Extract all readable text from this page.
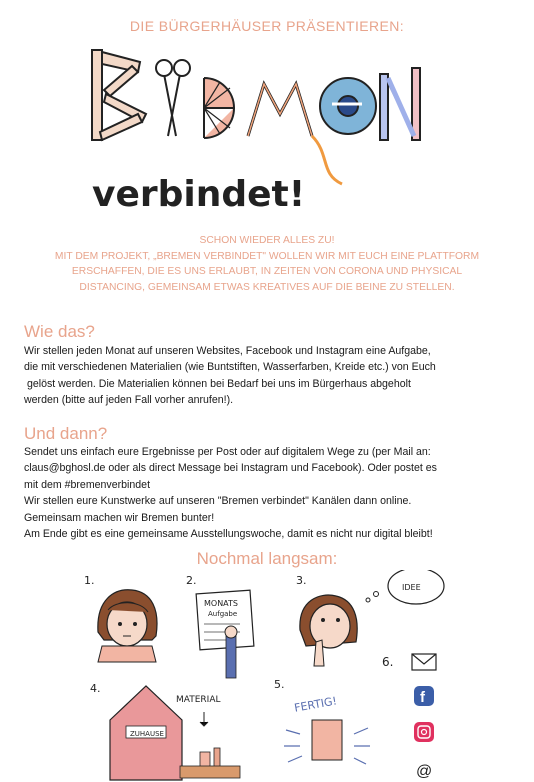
DIE BÜRGERHÄUSER PRÄSENTIEREN:
verbindet!
SCHON WIEDER ALLES ZU!
MIT DEM PROJEKT, „BREMEN VERBINDET" WOLLEN WIR MIT EUCH EINE PLATTFORM
ERSCHAFFEN, DIE ES UNS ERLAUBT, IN ZEITEN VON CORONA UND PHYSICAL
DISTANCING, GEMEINSAM ETWAS KREATIVES AUF DIE BEINE ZU STELLEN.
Wie das?

Wir stellen jeden Monat auf unseren Websites, Facebook und Instagram eine Aufgabe,

die mit verschiedenen Materialien (wie Buntstiften, Wasserfarben, Kreide etc.) von Euch

gelöst werden. Die Materialien können bei Bedarf bei uns im Bürgerhaus abgeholt

werden (bitte auf jeden Fall vorher anrufen!).

Und dann?

Sendet uns einfach eure Ergebnisse per Post oder auf digitalem Wege zu (per Mail an:

claus@bghosl.de oder als direct Message bei Instagram und Facebook). Oder postet es

mit dem #bremenverbindet

Wir stellen eure Kunstwerke auf unseren "Bremen verbindet" Kanälen dann online.

Gemeinsam machen wir Bremen bunter!

Am Ende gibt es eine gemeinsame Ausstellungswoche, damit es nicht nur digital bleibt!

Nochmal langsam:
1.	2.
MONATS
Aufgabe
3.
IDEE
4.
ZUHAUSE
MATERIAL
5.
FERTIG!
6.
f
@
